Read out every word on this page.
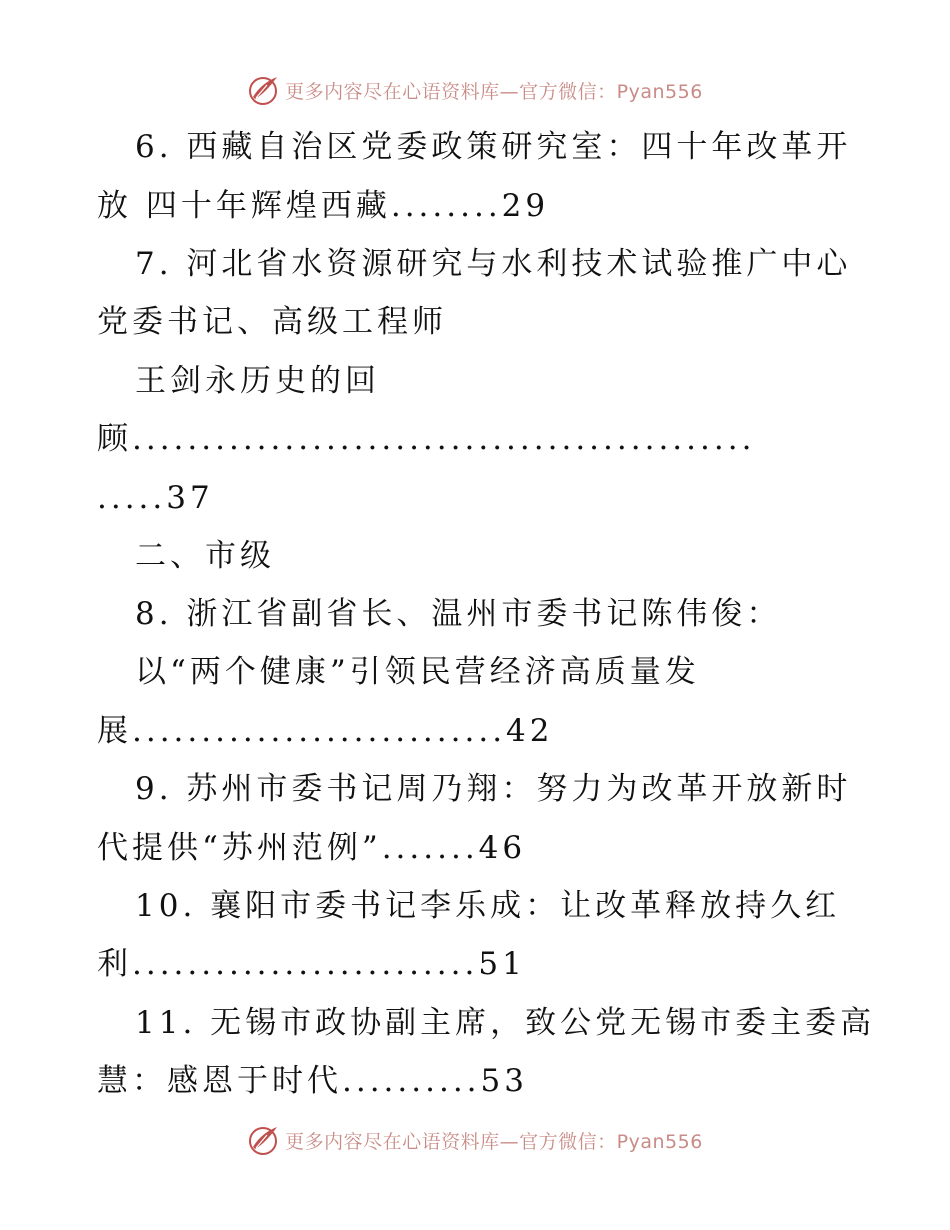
更多内容尽在心语资料库—官方微信：Pyan556
6. 西藏自治区党委政策研究室：四十年改革开
放 四十年辉煌西藏........29
7. 河北省水资源研究与水利技术试验推广中心
党委书记、高级工程师
王剑永历史的回
顾.............................................
.....37
二、市级
8. 浙江省副省长、温州市委书记陈伟俊：
以“两个健康”引领民营经济高质量发
展...........................42
9. 苏州市委书记周乃翔：努力为改革开放新时
代提供“苏州范例”.......46
10. 襄阳市委书记李乐成：让改革释放持久红
利.........................51
11. 无锡市政协副主席，致公党无锡市委主委高
慧：感恩于时代..........53
更多内容尽在心语资料库—官方微信：Pyan556
